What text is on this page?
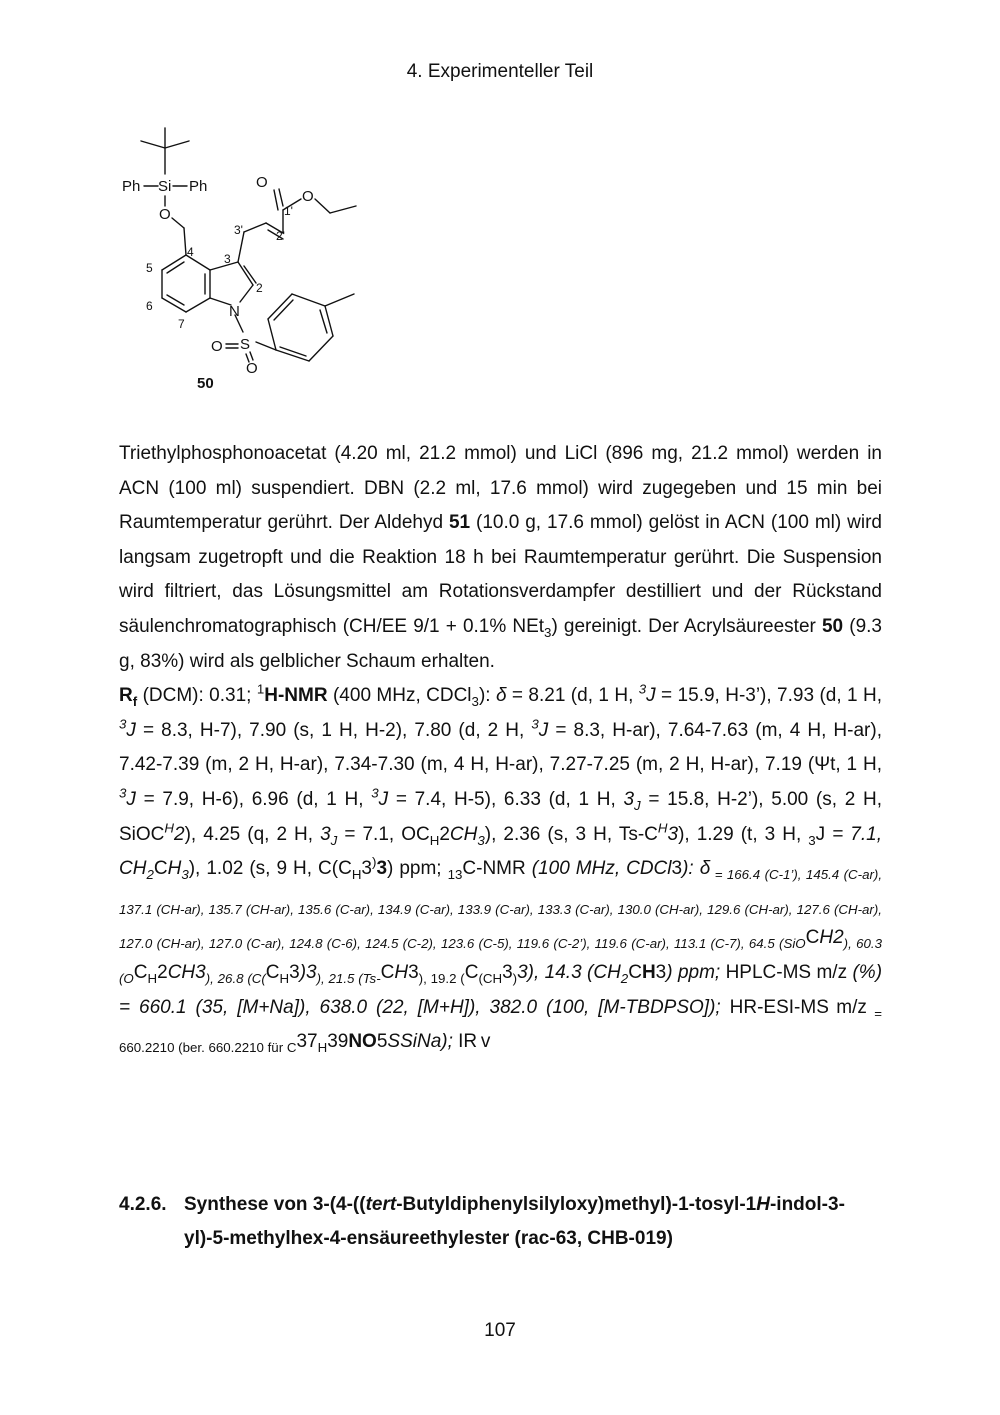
4. Experimenteller Teil
Ph Si Ph
O
O
O
N
S
O
O
1'
2'
3'
2
3
4
5
6
7
50

Triethylphosphonoacetat (4.20 ml, 21.2 mmol) und LiCl (896 mg, 21.2 mmol) werden in ACN (100 ml) suspendiert. DBN (2.2 ml, 17.6 mmol) wird zugegeben und 15 min bei Raumtemperatur gerührt. Der Aldehyd 51 (10.0 g, 17.6 mmol) gelöst in ACN (100 ml) wird langsam zugetropft und die Reaktion 18 h bei Raumtemperatur gerührt. Die Suspension wird filtriert, das Lösungsmittel am Rotationsverdampfer destilliert und der Rückstand säulenchromatographisch (CH/EE 9/1 + 0.1% NEt$_3$) gereinigt. Der Acrylsäureester 50 (9.3 g, 83%) wird als gelblicher Schaum erhalten.

$R_f$ (DCM): 0.31; $^1$H-NMR (400 MHz, CDCl$_3$): δ = 8.21 (d, 1 H, $^3$J = 15.9, H-3’), 7.93 (d, 1 H, $^3$J = 8.3, H-7), 7.90 (s, 1 H, H-2), 7.80 (d, 2 H, $^3$J = 8.3, H-ar), 7.64-7.63 (m, 4 H, H-ar), 7.42-7.39 (m, 2 H, H-ar), 7.34-7.30 (m, 4 H, H-ar), 7.27-7.25 (m, 2 H, H-ar), 7.19 (Ψt, 1 H, $^3$J = 7.9, H-6), 6.96 (d, 1 H, $^3$J = 7.4, H-5), 6.33 (d, 1 H, $3_J = 15.8$, H-2’), 5.00 (s, 2 H, SiOC$^H$2), 4.25 (q, 2 H, $3_J = 7.1$, $OC_H2CH_3$), 2.36 (s, 3 H, $Ts-C^H3$), 1.29 (t, 3 H, $_3$J = 7.1, $CH_2CH_3$), 1.02 (s, 9 H, $C(C_H3^)3)$ ppm; $_{13}$C-NMR (100 MHz, CDCl3): δ $_{= 166.4 (C-1’), 145.4 (C-ar), 137.1 (CH-ar), 135.7 (CH-ar), 135.6 (C-ar), 134.9 (C-ar), 133.9 (C-ar), 133.3 (C-ar), 130.0 (CH-ar), 129.6 (CH-ar), 127.6 (CH-ar), 127.0 (CH-ar), 127.0 (C-ar), 124.8 (C-6), 124.5 (C-2), 123.6 (C-5), 119.6 (C-2’), 119.6 (C-ar), 113.1 (C-7), 64.5 (SiO}CH2_{), 60.3 (O}C_H2CH3_{), 26.8 (C(}C_H3)3_{), 21.5 (Ts-}CH3_{), 19.2 (}C_{(CH}3_)3$), 14.3 $(CH_2CH3)$ ppm; HPLC-MS m/z (%) = 660.1 (35, [M+Na]), 638.0 (22, [M+H]), 382.0 (100, [M-TBDPSO]); HR-ESI-MS m/z $_{= 660.2210 (ber. 660.2210 für C}37_H39NO5SSiNa$); IR v

4.2.6. Synthese von 3-(4-((tert-Butyldiphenylsilyloxy)methyl)-1-tosyl-1H-indol-3-yl)-5-methylhex-4-ensäureethylester (rac-63, CHB-019)
107
